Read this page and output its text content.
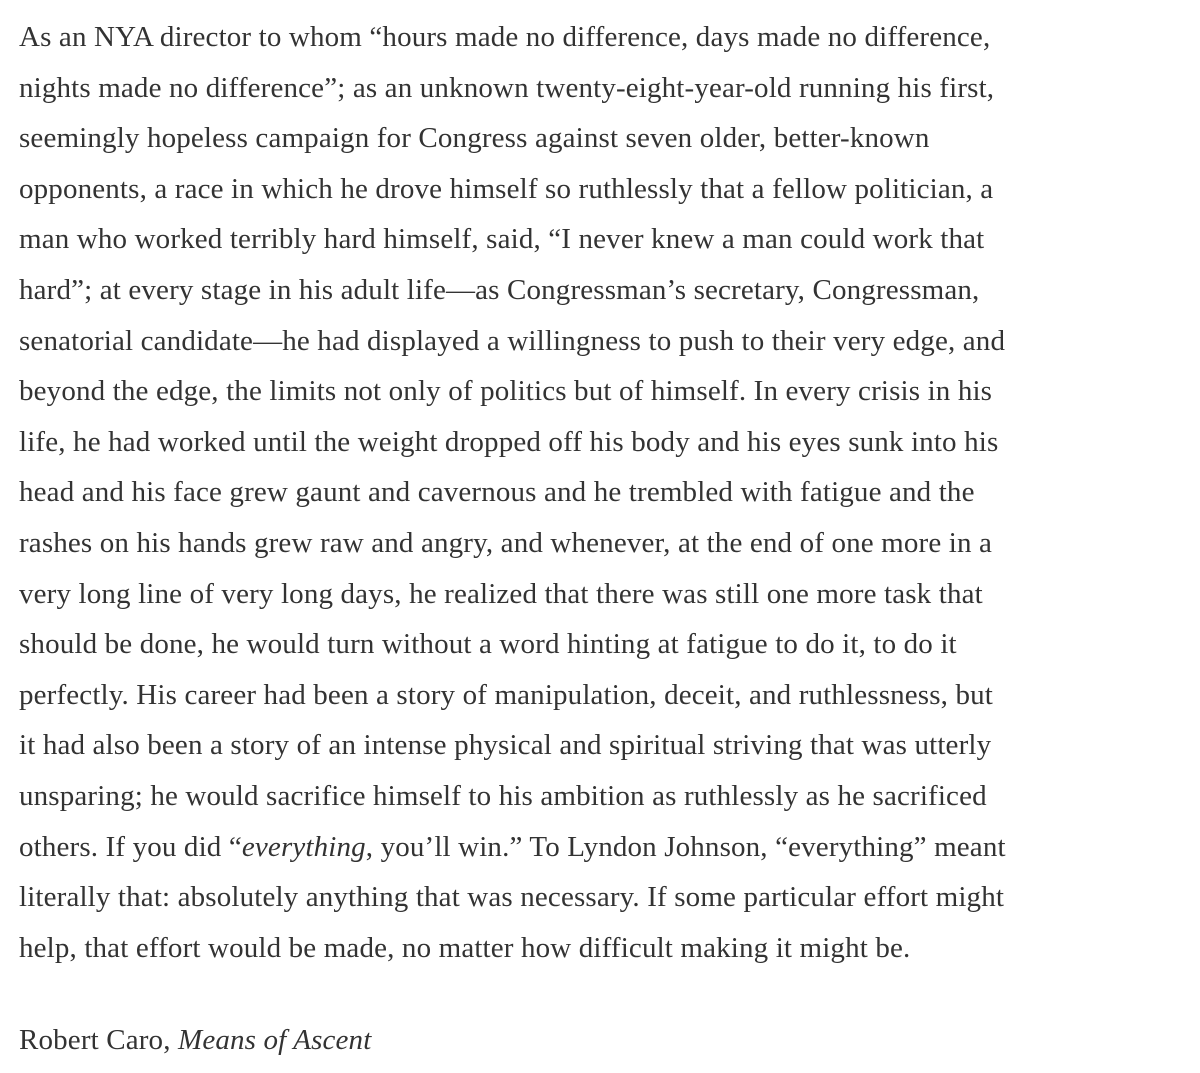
As an NYA director to whom “hours made no difference, days made no difference,
nights made no difference”; as an unknown twenty-eight-year-old running his first,
seemingly hopeless campaign for Congress against seven older, better-known
opponents, a race in which he drove himself so ruthlessly that a fellow politician, a
man who worked terribly hard himself, said, “I never knew a man could work that
hard”; at every stage in his adult life—as Congressman’s secretary, Congressman,
senatorial candidate—he had displayed a willingness to push to their very edge, and
beyond the edge, the limits not only of politics but of himself. In every crisis in his
life, he had worked until the weight dropped off his body and his eyes sunk into his
head and his face grew gaunt and cavernous and he trembled with fatigue and the
rashes on his hands grew raw and angry, and whenever, at the end of one more in a
very long line of very long days, he realized that there was still one more task that
should be done, he would turn without a word hinting at fatigue to do it, to do it
perfectly. His career had been a story of manipulation, deceit, and ruthlessness, but
it had also been a story of an intense physical and spiritual striving that was utterly
unsparing; he would sacrifice himself to his ambition as ruthlessly as he sacrificed
others. If you did “everything, you’ll win.” To Lyndon Johnson, “everything” meant
literally that: absolutely anything that was necessary. If some particular effort might
help, that effort would be made, no matter how difficult making it might be.
Robert Caro, Means of Ascent
